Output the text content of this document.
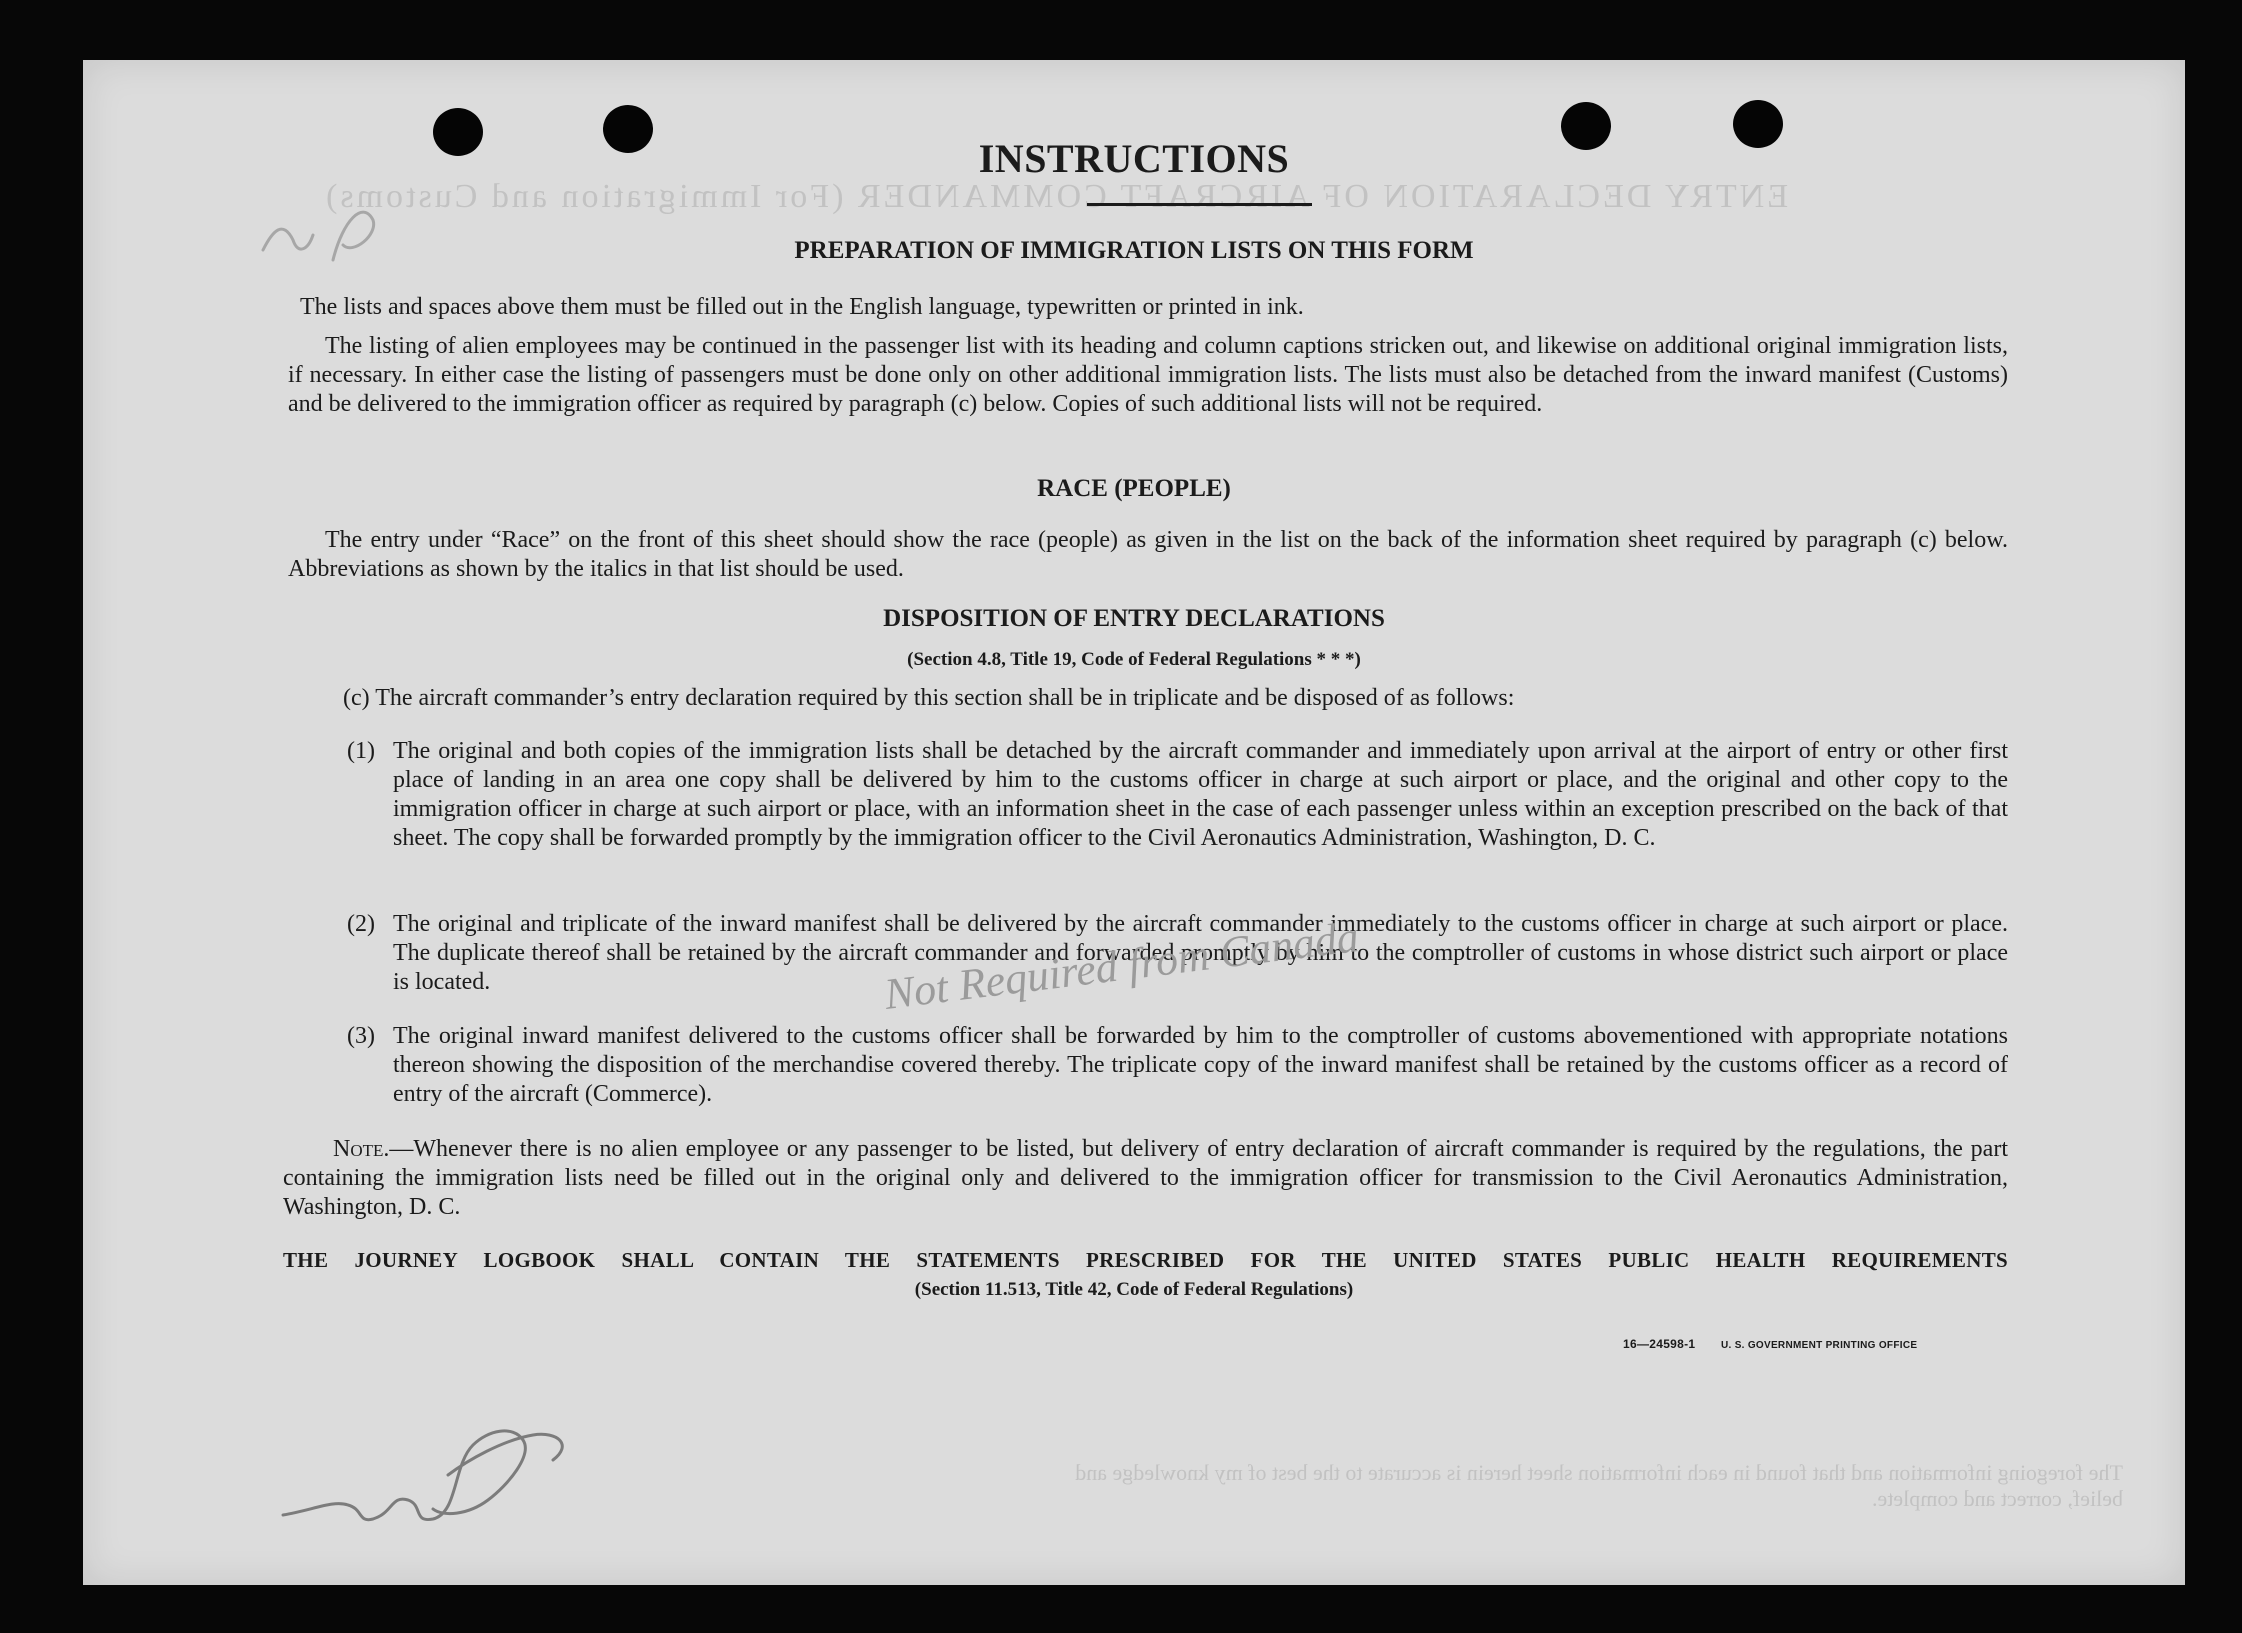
ENTRY DECLARATION OF AIRCRAFT COMMANDER (For Immigration and Customs)
The foregoing information and that found in each information sheet herein is accurate to the best of my knowledge and belief, correct and complete.
INSTRUCTIONS
PREPARATION OF IMMIGRATION LISTS ON THIS FORM
The lists and spaces above them must be filled out in the English language, typewritten or printed in ink.
The listing of alien employees may be continued in the passenger list with its heading and column captions stricken out, and likewise on additional original immigration lists, if necessary. In either case the listing of passengers must be done only on other additional immigration lists. The lists must also be detached from the inward manifest (Customs) and be delivered to the immigration officer as required by paragraph (c) below. Copies of such additional lists will not be required.
RACE (PEOPLE)
The entry under “Race” on the front of this sheet should show the race (people) as given in the list on the back of the information sheet required by paragraph (c) below. Abbreviations as shown by the italics in that list should be used.
DISPOSITION OF ENTRY DECLARATIONS
(Section 4.8, Title 19, Code of Federal Regulations * * *)
(c) The aircraft commander’s entry declaration required by this section shall be in triplicate and be disposed of as follows:
(1) The original and both copies of the immigration lists shall be detached by the aircraft commander and immediately upon arrival at the airport of entry or other first place of landing in an area one copy shall be delivered by him to the customs officer in charge at such airport or place, and the original and other copy to the immigration officer in charge at such airport or place, with an information sheet in the case of each passenger unless within an exception prescribed on the back of that sheet. The copy shall be forwarded promptly by the immigration officer to the Civil Aeronautics Administration, Washington, D. C.
(2) The original and triplicate of the inward manifest shall be delivered by the aircraft commander immediately to the customs officer in charge at such airport or place. The duplicate thereof shall be retained by the aircraft commander and forwarded promptly by him to the comptroller of customs in whose district such airport or place is located.
(3) The original inward manifest delivered to the customs officer shall be forwarded by him to the comptroller of customs abovementioned with appropriate notations thereon showing the disposition of the merchandise covered thereby. The triplicate copy of the inward manifest shall be retained by the customs officer as a record of entry of the aircraft (Commerce).
Note.—Whenever there is no alien employee or any passenger to be listed, but delivery of entry declaration of aircraft commander is required by the regulations, the part containing the immigration lists need be filled out in the original only and delivered to the immigration officer for transmission to the Civil Aeronautics Administration, Washington, D. C.
THE JOURNEY LOGBOOK SHALL CONTAIN THE STATEMENTS PRESCRIBED FOR THE UNITED STATES PUBLIC HEALTH REQUIREMENTS
(Section 11.513, Title 42, Code of Federal Regulations)
16—24598-1	U. S. GOVERNMENT PRINTING OFFICE
Not Required from Canada
